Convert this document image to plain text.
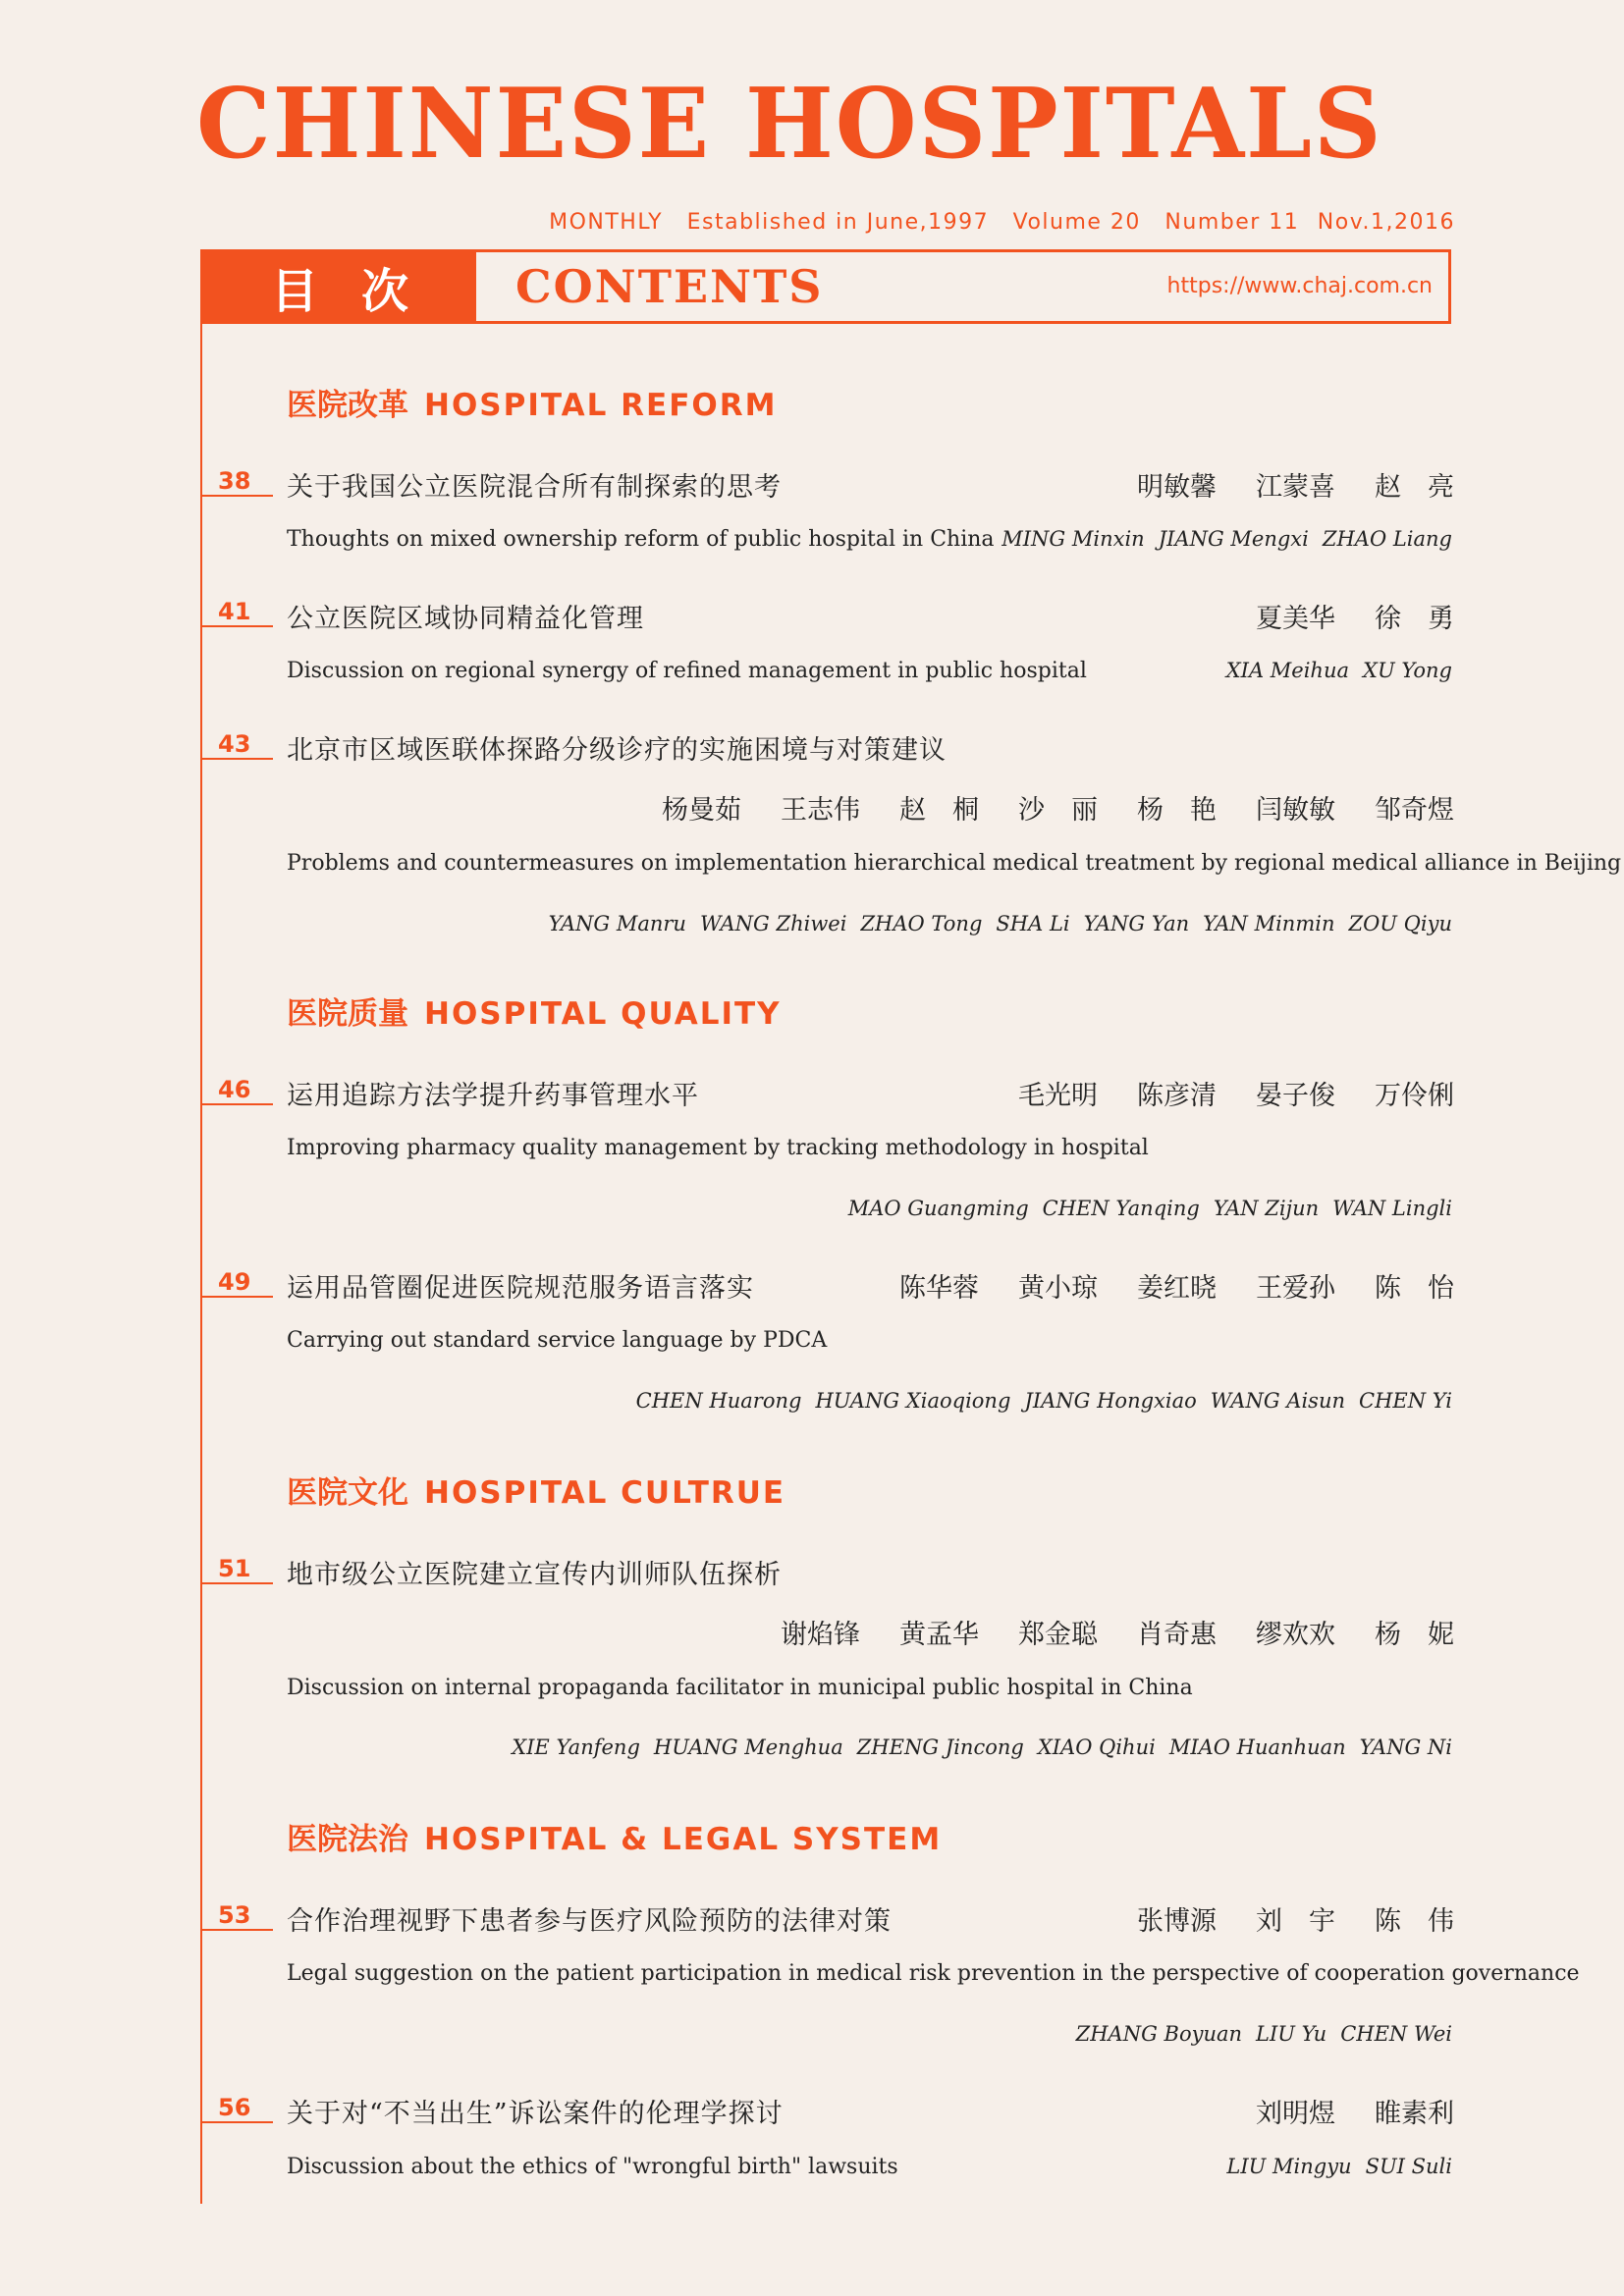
CHINESE HOSPITALS
MONTHLY Established in June,1997 Volume 20 Number 11 Nov.1,2016
目次	CONTENTS	https://www.chaj.com.cn
医院改革 HOSPITAL REFORM
38 关于我国公立医院混合所有制探索的思考	明敏馨 江蒙喜 赵　亮
Thoughts on mixed ownership reform of public hospital in China MING Minxin JIANG Mengxi ZHAO Liang
41 公立医院区域协同精益化管理	夏美华 徐　勇
Discussion on regional synergy of refined management in public hospital	XIA Meihua XU Yong
43 北京市区域医联体探路分级诊疗的实施困境与对策建议
杨曼茹 王志伟 赵　桐 沙　丽 杨　艳 闫敏敏 邹奇煜
Problems and countermeasures on implementation hierarchical medical treatment by regional medical alliance in Beijing
YANG Manru WANG Zhiwei ZHAO Tong SHA Li YANG Yan YAN Minmin ZOU Qiyu
医院质量 HOSPITAL QUALITY
46 运用追踪方法学提升药事管理水平	毛光明 陈彦清 晏子俊 万伶俐
Improving pharmacy quality management by tracking methodology in hospital
MAO Guangming CHEN Yanqing YAN Zijun WAN Lingli
49 运用品管圈促进医院规范服务语言落实	陈华蓉 黄小琼 姜红晓 王爱孙 陈　怡
Carrying out standard service language by PDCA
CHEN Huarong HUANG Xiaoqiong JIANG Hongxiao WANG Aisun CHEN Yi
医院文化 HOSPITAL CULTRUE
51 地市级公立医院建立宣传内训师队伍探析
谢焰锋 黄孟华 郑金聪 肖奇惠 缪欢欢 杨　妮
Discussion on internal propaganda facilitator in municipal public hospital in China
XIE Yanfeng HUANG Menghua ZHENG Jincong XIAO Qihui MIAO Huanhuan YANG Ni
医院法治 HOSPITAL & LEGAL SYSTEM
53 合作治理视野下患者参与医疗风险预防的法律对策	张博源 刘　宇 陈　伟
Legal suggestion on the patient participation in medical risk prevention in the perspective of cooperation governance
ZHANG Boyuan LIU Yu CHEN Wei
56 关于对“不当出生”诉讼案件的伦理学探讨	刘明煜 睢素利
Discussion about the ethics of "wrongful birth" lawsuits	LIU Mingyu SUI Suli
